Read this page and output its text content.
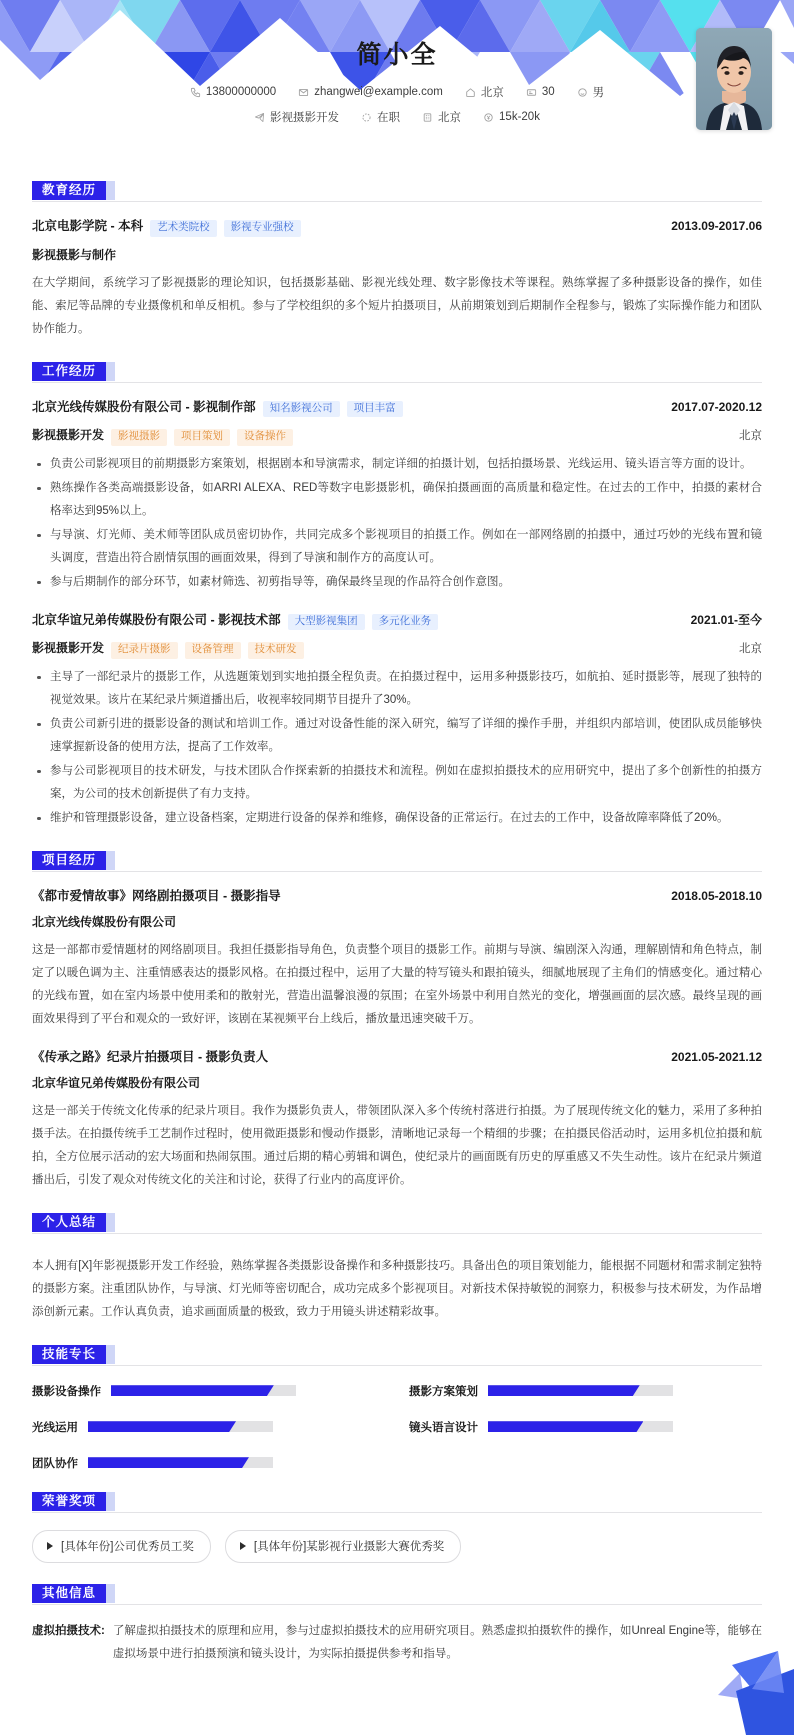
简小全
13800000000	zhangwei@example.com	北京	30	男
影视摄影开发	在职	北京	15k-20k
教育经历
北京电影学院 - 本科	艺术类院校	影视专业强校	2013.09-2017.06
影视摄影与制作

在大学期间，系统学习了影视摄影的理论知识，包括摄影基础、影视光线处理、数字影像技术等课程。熟练掌握了多种摄影设备的操作，如佳能、索尼等品牌的专业摄像机和单反相机。参与了学校组织的多个短片拍摄项目，从前期策划到后期制作全程参与，锻炼了实际操作能力和团队协作能力。

工作经历
北京光线传媒股份有限公司 - 影视制作部	知名影视公司	项目丰富	2017.07-2020.12
影视摄影开发	影视摄影	项目策划	设备操作	北京
负责公司影视项目的前期摄影方案策划，根据剧本和导演需求，制定详细的拍摄计划，包括拍摄场景、光线运用、镜头语言等方面的设计。
熟练操作各类高端摄影设备，如ARRI ALEXA、RED等数字电影摄影机，确保拍摄画面的高质量和稳定性。在过去的工作中，拍摄的素材合格率达到95%以上。
与导演、灯光师、美术师等团队成员密切协作，共同完成多个影视项目的拍摄工作。例如在一部网络剧的拍摄中，通过巧妙的光线布置和镜头调度，营造出符合剧情氛围的画面效果，得到了导演和制作方的高度认可。
参与后期制作的部分环节，如素材筛选、初剪指导等，确保最终呈现的作品符合创作意图。
北京华谊兄弟传媒股份有限公司 - 影视技术部	大型影视集团	多元化业务	2021.01-至今
影视摄影开发	纪录片摄影	设备管理	技术研发	北京
主导了一部纪录片的摄影工作，从选题策划到实地拍摄全程负责。在拍摄过程中，运用多种摄影技巧，如航拍、延时摄影等，展现了独特的视觉效果。该片在某纪录片频道播出后，收视率较同期节目提升了30%。
负责公司新引进的摄影设备的测试和培训工作。通过对设备性能的深入研究，编写了详细的操作手册，并组织内部培训，使团队成员能够快速掌握新设备的使用方法，提高了工作效率。
参与公司影视项目的技术研发，与技术团队合作探索新的拍摄技术和流程。例如在虚拟拍摄技术的应用研究中，提出了多个创新性的拍摄方案，为公司的技术创新提供了有力支持。
维护和管理摄影设备，建立设备档案，定期进行设备的保养和维修，确保设备的正常运行。在过去的工作中，设备故障率降低了20%。
项目经历
《都市爱情故事》网络剧拍摄项目 - 摄影指导	2018.05-2018.10
北京光线传媒股份有限公司

这是一部都市爱情题材的网络剧项目。我担任摄影指导角色，负责整个项目的摄影工作。前期与导演、编剧深入沟通，理解剧情和角色特点，制定了以暖色调为主、注重情感表达的摄影风格。在拍摄过程中，运用了大量的特写镜头和跟拍镜头，细腻地展现了主角们的情感变化。通过精心的光线布置，如在室内场景中使用柔和的散射光，营造出温馨浪漫的氛围；在室外场景中利用自然光的变化，增强画面的层次感。最终呈现的画面效果得到了平台和观众的一致好评，该剧在某视频平台上线后，播放量迅速突破千万。

《传承之路》纪录片拍摄项目 - 摄影负责人	2021.05-2021.12
北京华谊兄弟传媒股份有限公司

这是一部关于传统文化传承的纪录片项目。我作为摄影负责人，带领团队深入多个传统村落进行拍摄。为了展现传统文化的魅力，采用了多种拍摄手法。在拍摄传统手工艺制作过程时，使用微距摄影和慢动作摄影，清晰地记录每一个精细的步骤；在拍摄民俗活动时，运用多机位拍摄和航拍，全方位展示活动的宏大场面和热闹氛围。通过后期的精心剪辑和调色，使纪录片的画面既有历史的厚重感又不失生动性。该片在纪录片频道播出后，引发了观众对传统文化的关注和讨论，获得了行业内的高度评价。

个人总结

本人拥有[X]年影视摄影开发工作经验，熟练掌握各类摄影设备操作和多种摄影技巧。具备出色的项目策划能力，能根据不同题材和需求制定独特的摄影方案。注重团队协作，与导演、灯光师等密切配合，成功完成多个影视项目。对新技术保持敏锐的洞察力，积极参与技术研发，为作品增添创新元素。工作认真负责，追求画面质量的极致，致力于用镜头讲述精彩故事。

技能专长
摄影设备操作	摄影方案策划
光线运用	镜头语言设计
团队协作
荣誉奖项
[具体年份]公司优秀员工奖	[具体年份]某影视行业摄影大赛优秀奖
其他信息
虚拟拍摄技术: 了解虚拟拍摄技术的原理和应用，参与过虚拟拍摄技术的应用研究项目。熟悉虚拟拍摄软件的操作，如Unreal Engine等，能够在虚拟场景中进行拍摄预演和镜头设计，为实际拍摄提供参考和指导。
